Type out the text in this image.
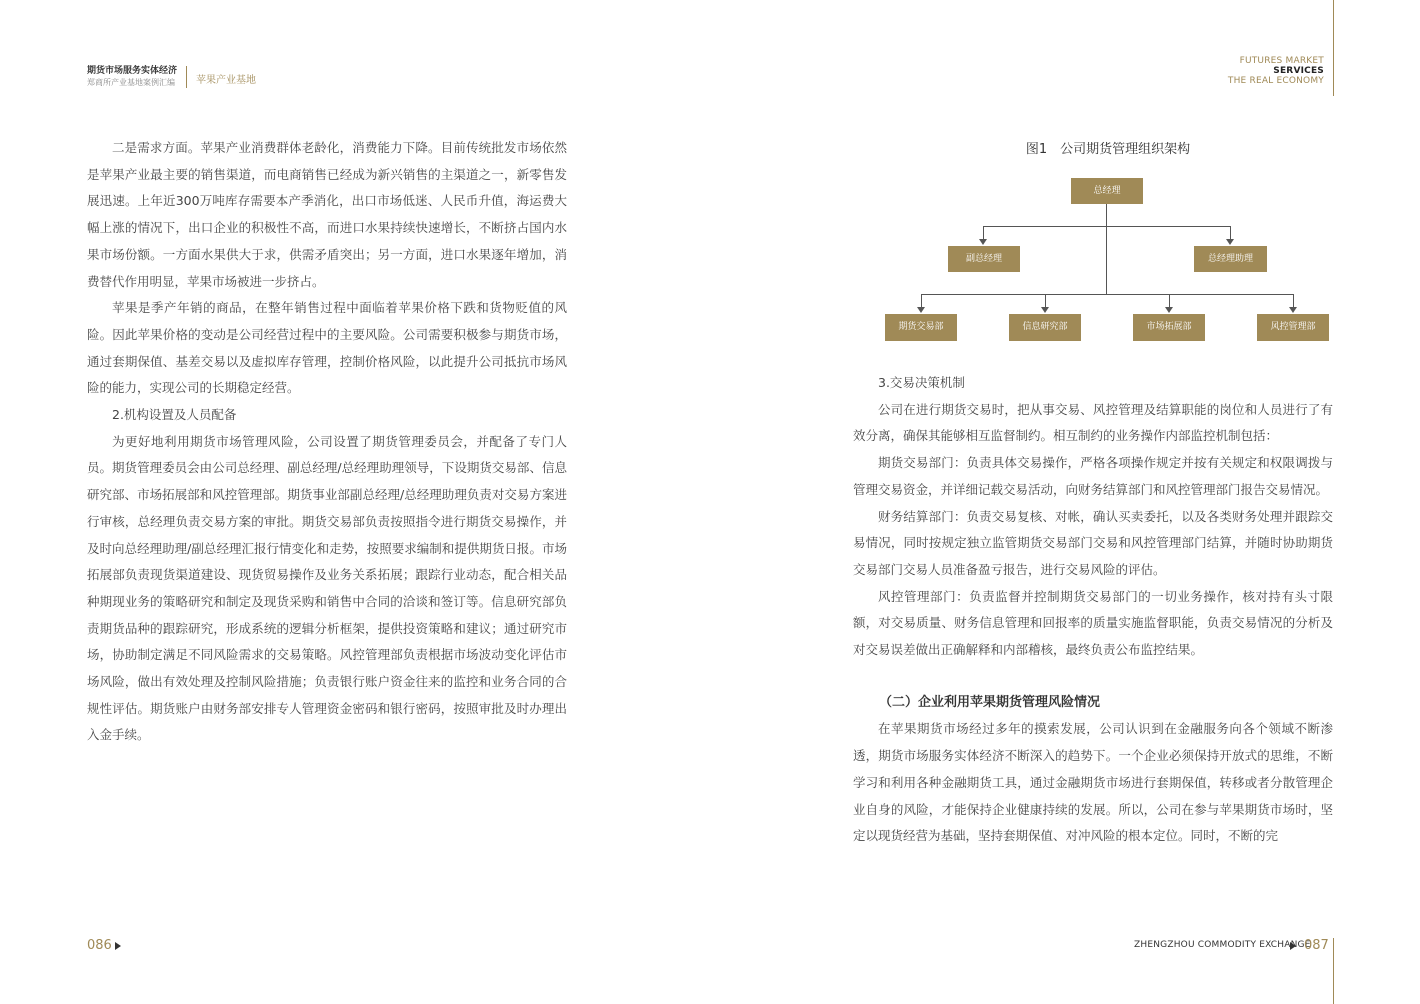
期货市场服务实体经济
郑商所产业基地案例汇编 苹果产业基地
FUTURES MARKET
SERVICES
THE REAL ECONOMY

二是需求方面。苹果产业消费群体老龄化，消费能力下降。目前传统批发市场依然是苹果产业最主要的销售渠道，而电商销售已经成为新兴销售的主渠道之一，新零售发展迅速。上年近300万吨库存需要本产季消化，出口市场低迷、人民币升值，海运费大幅上涨的情况下，出口企业的积极性不高，而进口水果持续快速增长，不断挤占国内水果市场份额。一方面水果供大于求，供需矛盾突出；另一方面，进口水果逐年增加，消费替代作用明显，苹果市场被进一步挤占。

苹果是季产年销的商品，在整年销售过程中面临着苹果价格下跌和货物贬值的风险。因此苹果价格的变动是公司经营过程中的主要风险。公司需要积极参与期货市场，通过套期保值、基差交易以及虚拟库存管理，控制价格风险，以此提升公司抵抗市场风险的能力，实现公司的长期稳定经营。

2.机构设置及人员配备

为更好地利用期货市场管理风险，公司设置了期货管理委员会，并配备了专门人员。期货管理委员会由公司总经理、副总经理/总经理助理领导，下设期货交易部、信息研究部、市场拓展部和风控管理部。期货事业部副总经理/总经理助理负责对交易方案进行审核，总经理负责交易方案的审批。期货交易部负责按照指令进行期货交易操作，并及时向总经理助理/副总经理汇报行情变化和走势，按照要求编制和提供期货日报。市场拓展部负责现货渠道建设、现货贸易操作及业务关系拓展；跟踪行业动态，配合相关品种期现业务的策略研究和制定及现货采购和销售中合同的洽谈和签订等。信息研究部负责期货品种的跟踪研究，形成系统的逻辑分析框架，提供投资策略和建议；通过研究市场，协助制定满足不同风险需求的交易策略。风控管理部负责根据市场波动变化评估市场风险，做出有效处理及控制风险措施；负责银行账户资金往来的监控和业务合同的合规性评估。期货账户由财务部安排专人管理资金密码和银行密码，按照审批及时办理出入金手续。

图1　公司期货管理组织架构
总经理
副总经理	总经理助理
期货交易部	信息研究部	市场拓展部	风控管理部

3.交易决策机制

公司在进行期货交易时，把从事交易、风控管理及结算职能的岗位和人员进行了有效分离，确保其能够相互监督制约。相互制约的业务操作内部监控机制包括：

期货交易部门：负责具体交易操作，严格各项操作规定并按有关规定和权限调拨与管理交易资金，并详细记载交易活动，向财务结算部门和风控管理部门报告交易情况。

财务结算部门：负责交易复核、对帐，确认买卖委托，以及各类财务处理并跟踪交易情况，同时按规定独立监管期货交易部门交易和风控管理部门结算，并随时协助期货交易部门交易人员准备盈亏报告，进行交易风险的评估。

风控管理部门：负责监督并控制期货交易部门的一切业务操作，核对持有头寸限额，对交易质量、财务信息管理和回报率的质量实施监督职能，负责交易情况的分析及对交易误差做出正确解释和内部稽核，最终负责公布监控结果。

（二）企业利用苹果期货管理风险情况

在苹果期货市场经过多年的摸索发展，公司认识到在金融服务向各个领域不断渗透，期货市场服务实体经济不断深入的趋势下。一个企业必须保持开放式的思维，不断学习和利用各种金融期货工具，通过金融期货市场进行套期保值，转移或者分散管理企业自身的风险，才能保持企业健康持续的发展。所以，公司在参与苹果期货市场时，坚定以现货经营为基础，坚持套期保值、对冲风险的根本定位。同时，不断的完

086	ZHENGZHOU COMMODITY EXCHANGE
087
